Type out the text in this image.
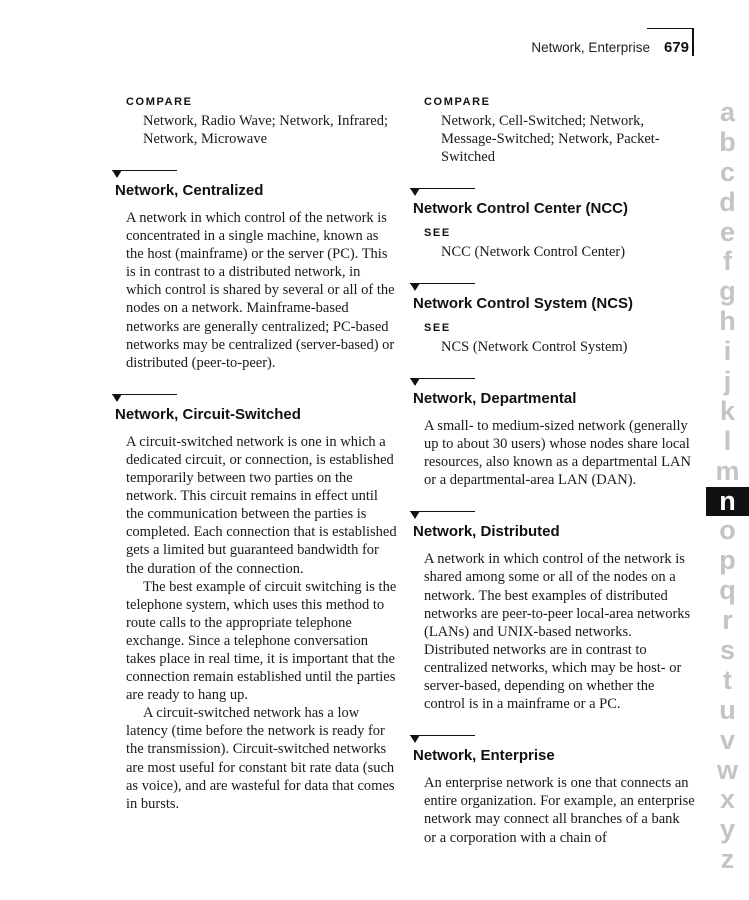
Network, Enterprise 679
COMPARE

Network, Radio Wave; Network, Infrared; Network, Microwave

Network, Centralized

A network in which control of the network is concentrated in a single machine, known as the host (mainframe) or the server (PC). This is in contrast to a distributed network, in which control is shared by several or all of the nodes on a network. Mainframe-based networks are generally centralized; PC-based networks may be centralized (server-based) or distributed (peer-to-peer).

Network, Circuit-Switched

A circuit-switched network is one in which a dedicated circuit, or connection, is established temporarily between two parties on the network. This circuit remains in effect until the communication between the parties is completed. Each connection that is established gets a limited but guaranteed bandwidth for the duration of the connection.

The best example of circuit switching is the telephone system, which uses this method to route calls to the appropriate telephone exchange. Since a telephone conversation takes place in real time, it is important that the connection remain established until the parties are ready to hang up.

A circuit-switched network has a low latency (time before the network is ready for the transmission). Circuit-switched networks are most useful for constant bit rate data (such as voice), and are wasteful for data that comes in bursts.

COMPARE

Network, Cell-Switched; Network, Message-Switched; Network, Packet-Switched

Network Control Center (NCC)
SEE

NCC (Network Control Center)

Network Control System (NCS)
SEE

NCS (Network Control System)

Network, Departmental

A small- to medium-sized network (generally up to about 30 users) whose nodes share local resources, also known as a departmental LAN or a departmental-area LAN (DAN).

Network, Distributed

A network in which control of the network is shared among some or all of the nodes on a network. The best examples of distributed networks are peer-to-peer local-area networks (LANs) and UNIX-based networks. Distributed networks are in contrast to centralized networks, which may be host- or server-based, depending on whether the control is in a mainframe or a PC.

Network, Enterprise

An enterprise network is one that connects an entire organization. For example, an enterprise network may connect all branches of a bank or a corporation with a chain of

a
b
c
d
e
f
g
h
i
j
k
l
m
n
o
p
q
r
s
t
u
v
w
x
y
z
